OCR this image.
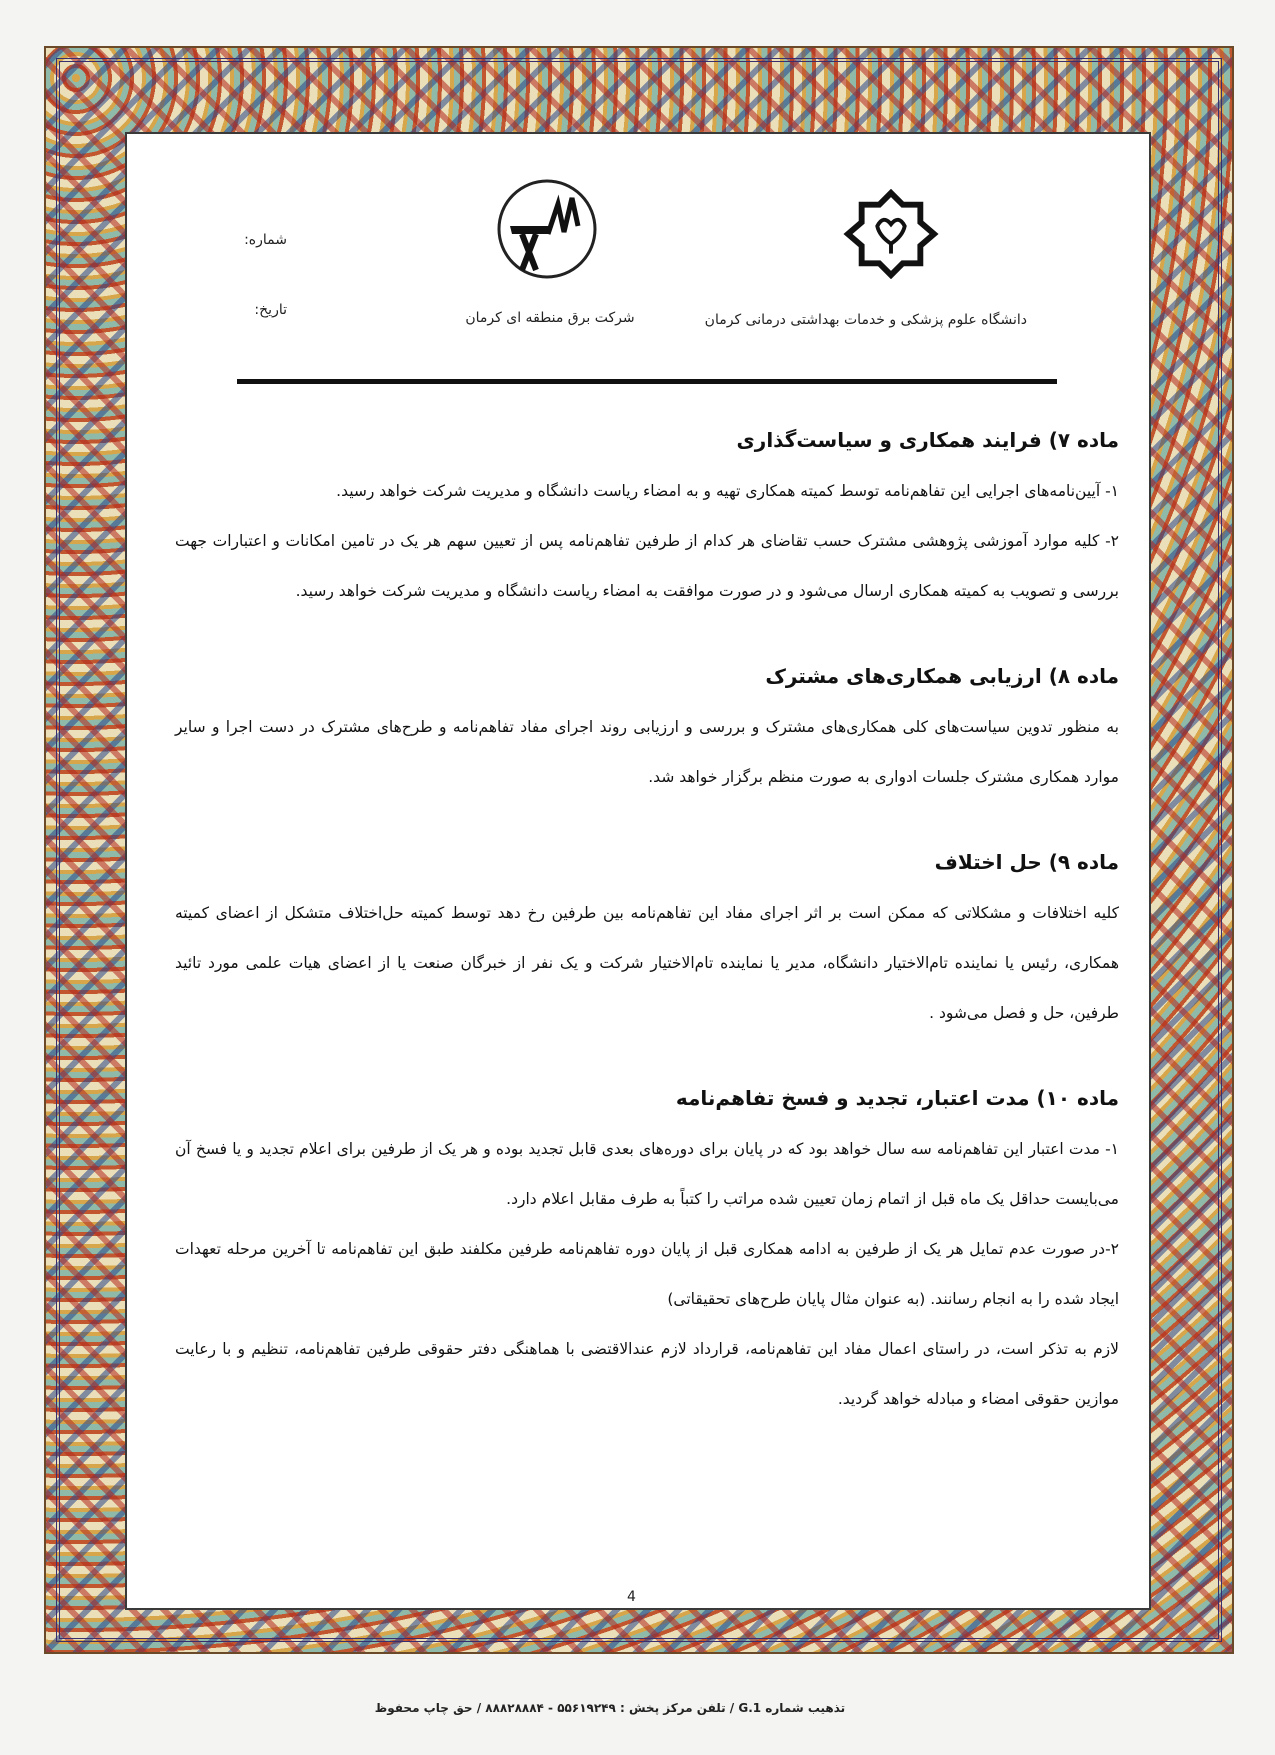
دانشگاه علوم پزشکی و خدمات بهداشتی درمانی کرمان
شرکت برق منطقه ای کرمان
شماره:
تاریخ:
ماده ۷) فرایند همکاری و سیاست‌گذاری

۱- آیین‌نامه‌های اجرایی این تفاهم‌نامه توسط کمیته همکاری تهیه و به امضاء ریاست دانشگاه و مدیریت شرکت خواهد رسید.

۲- کلیه موارد آموزشی پژوهشی مشترک حسب تقاضای هر کدام از طرفین تفاهم‌نامه پس از تعیین سهم هر یک در تامین امکانات و اعتبارات جهت بررسی و تصویب به کمیته همکاری ارسال می‌شود و در صورت موافقت به امضاء ریاست دانشگاه و مدیریت شرکت خواهد رسید.

ماده ۸) ارزیابی همکاری‌های مشترک

به منظور تدوین سیاست‌های کلی همکاری‌های مشترک و بررسی و ارزیابی روند اجرای مفاد تفاهم‌نامه و طرح‌های مشترک در دست اجرا و سایر موارد همکاری مشترک جلسات ادواری به صورت منظم برگزار خواهد شد.

ماده ۹) حل اختلاف

کلیه اختلافات و مشکلاتی که ممکن است بر اثر اجرای مفاد این تفاهم‌نامه بین طرفین رخ دهد توسط کمیته حل‌اختلاف متشکل از اعضای کمیته همکاری، رئیس یا نماینده تام‌الاختیار دانشگاه، مدیر یا نماینده تام‌الاختیار شرکت و یک نفر از خبرگان صنعت یا از اعضای هیات علمی مورد تائید طرفین، حل و فصل می‌شود .

ماده ۱۰) مدت اعتبار، تجدید و فسخ تفاهم‌نامه

۱- مدت اعتبار این تفاهم‌نامه سه سال خواهد بود که در پایان برای دوره‌های بعدی قابل تجدید بوده و هر یک از طرفین برای اعلام تجدید و یا فسخ آن می‌بایست حداقل یک ماه قبل از اتمام زمان تعیین شده مراتب را کتباً به طرف مقابل اعلام دارد.

۲-در صورت عدم تمایل هر یک از طرفین به ادامه همکاری قبل از پایان دوره تفاهم‌نامه طرفین مکلفند طبق این تفاهم‌نامه تا آخرین مرحله تعهدات ایجاد شده را به انجام رسانند. (به عنوان مثال پایان طرح‌های تحقیقاتی)

لازم به تذکر است، در راستای اعمال مفاد این تفاهم‌نامه، قرارداد لازم عندالاقتضی با هماهنگی دفتر حقوقی طرفین تفاهم‌نامه، تنظیم و با رعایت موازین حقوقی امضاء و مبادله خواهد گردید.

4
تذهیب شماره G.1 / تلفن مرکز پخش : ۵۵۶۱۹۲۴۹ - ۸۸۸۲۸۸۸۴ / حق چاپ محفوظ
